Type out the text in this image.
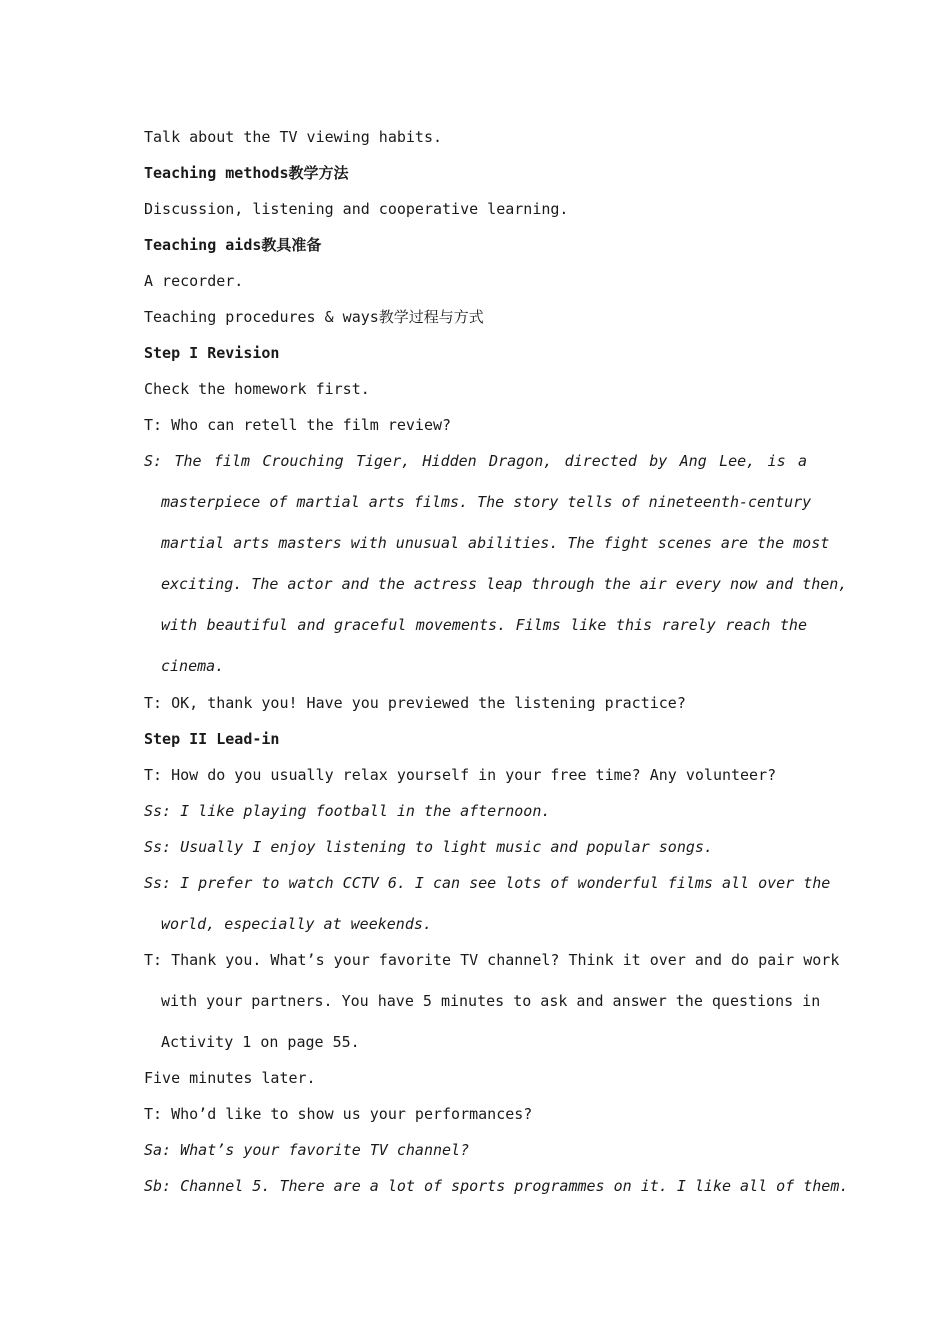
Talk about the TV viewing habits.

Teaching methods教学方法

Discussion, listening and cooperative learning.

Teaching aids教具准备

A recorder.

Teaching procedures & ways教学过程与方式

Step I Revision

Check the homework first.

T: Who can retell the film review?

S: The film Crouching Tiger, Hidden Dragon, directed by Ang Lee, is a
masterpiece of martial arts films. The story tells of nineteenth-century
martial arts masters with unusual abilities. The fight scenes are the most
exciting. The actor and the actress leap through the air every now and then,
with beautiful and graceful movements. Films like this rarely reach the
cinema.

T: OK, thank you! Have you previewed the listening practice?

Step II Lead-in

T: How do you usually relax yourself in your free time? Any volunteer?

Ss: I like playing football in the afternoon.

Ss: Usually I enjoy listening to light music and popular songs.

Ss: I prefer to watch CCTV 6. I can see lots of wonderful films all over the
world, especially at weekends.
T: Thank you. What’s your favorite TV channel? Think it over and do pair work
with your partners. You have 5 minutes to ask and answer the questions in
Activity 1 on page 55.

Five minutes later.

T: Who’d like to show us your performances?

Sa: What’s your favorite TV channel?

Sb: Channel 5. There are a lot of sports programmes on it. I like all of them.
